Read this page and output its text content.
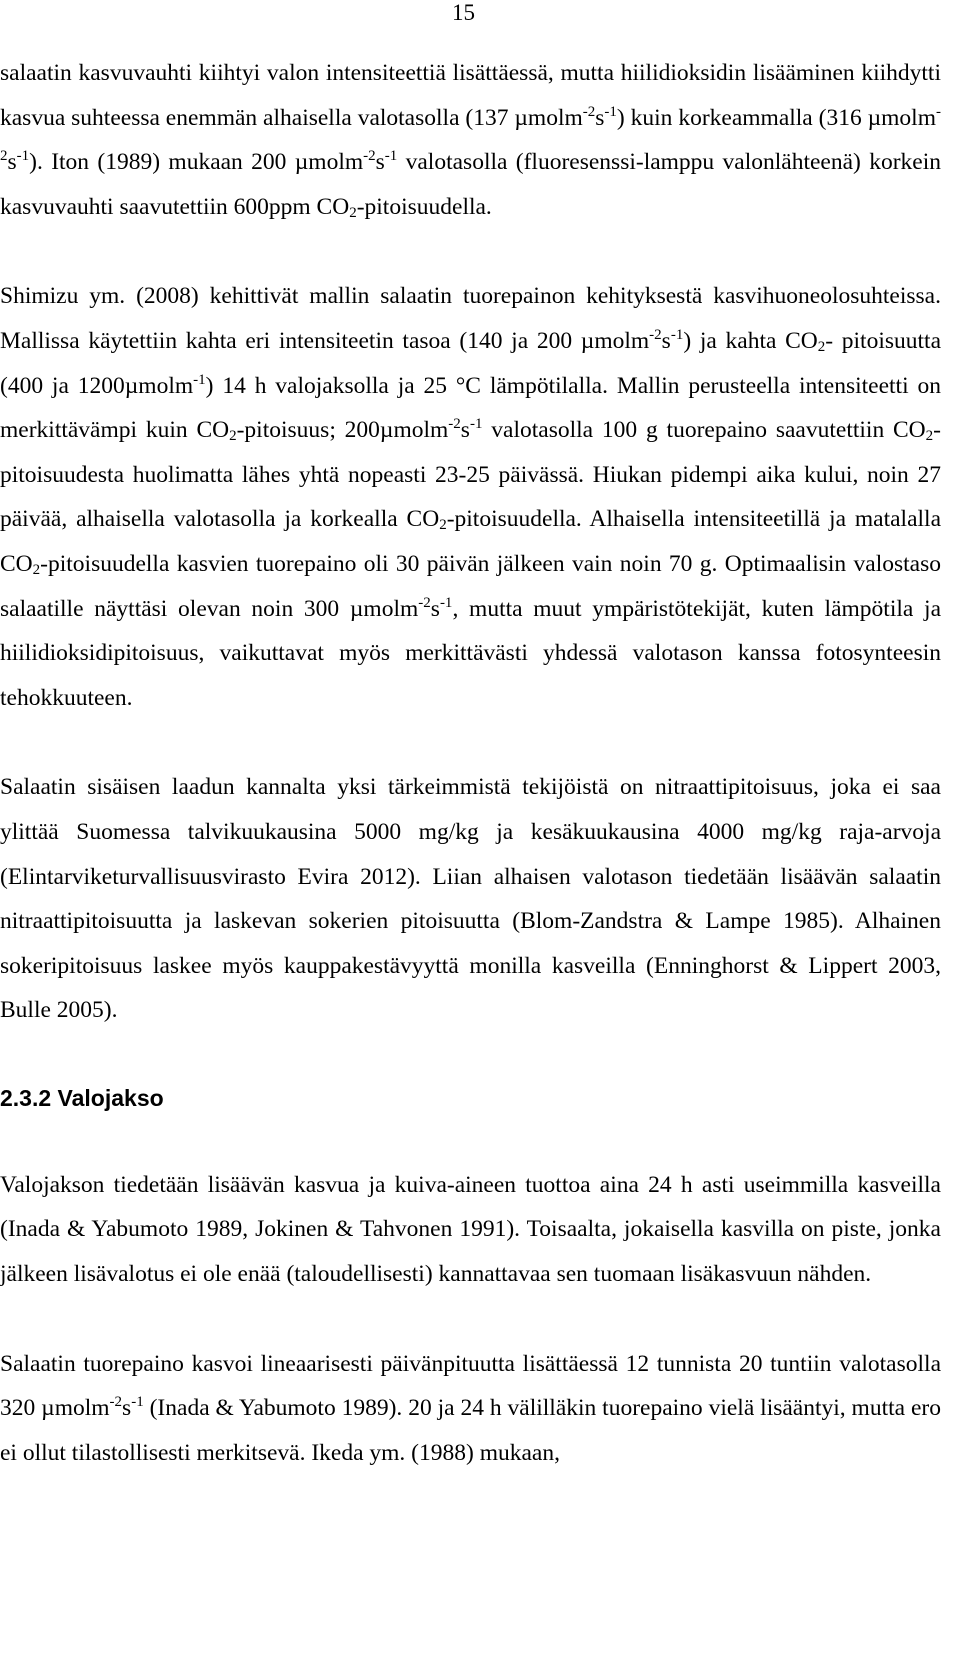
15

salaatin kasvuvauhti kiihtyi valon intensiteettiä lisättäessä, mutta hiilidioksidin lisääminen kiihdytti kasvua suhteessa enemmän alhaisella valotasolla (137 $\mu molm^{-2}s^{-1}$) kuin korkeammalla (316 $\mu molm^{-2}s^{-1}$). Iton (1989) mukaan 200 $\mu molm^{-2}s^{-1}$ valotasolla (fluoresenssi-lamppu valonlähteenä) korkein kasvuvauhti saavutettiin 600ppm $CO_2$-pitoisuudella.

Shimizu ym. (2008) kehittivät mallin salaatin tuorepainon kehityksestä kasvihuoneolosuhteissa. Mallissa käytettiin kahta eri intensiteetin tasoa (140 ja 200 $\mu molm^{-2}s^{-1}$) ja kahta $CO_2-$ pitoisuutta (400 ja 1200µmolm$^{-1}$) 14 h valojaksolla ja 25 °C lämpötilalla. Mallin perusteella intensiteetti on merkittävämpi kuin $CO_2$-pitoisuus; $200\mu molm^{-2}s^{-1}$ valotasolla 100 g tuorepaino saavutettiin $CO_2$-pitoisuudesta huolimatta lähes yhtä nopeasti 23-25 päivässä. Hiukan pidempi aika kului, noin 27 päivää, alhaisella valotasolla ja korkealla $CO_2$-pitoisuudella. Alhaisella intensiteetillä ja matalalla $CO_2$-pitoisuudella kasvien tuorepaino oli 30 päivän jälkeen vain noin 70 g. Optimaalisin valostaso salaatille näyttäsi olevan noin 300 $\mu molm^{-2}s^{-1}$, mutta muut ympäristötekijät, kuten lämpötila ja hiilidioksidipitoisuus, vaikuttavat myös merkittävästi yhdessä valotason kanssa fotosynteesin tehokkuuteen.

Salaatin sisäisen laadun kannalta yksi tärkeimmistä tekijöistä on nitraattipitoisuus, joka ei saa ylittää Suomessa talvikuukausina 5000 mg/kg ja kesäkuukausina 4000 mg/kg raja-arvoja (Elintarviketurvallisuusvirasto Evira 2012). Liian alhaisen valotason tiedetään lisäävän salaatin nitraattipitoisuutta ja laskevan sokerien pitoisuutta (Blom-Zandstra & Lampe 1985). Alhainen sokeripitoisuus laskee myös kauppakestävyyttä monilla kasveilla (Enninghorst & Lippert 2003, Bulle 2005).

2.3.2 Valojakso

Valojakson tiedetään lisäävän kasvua ja kuiva-aineen tuottoa aina 24 h asti useimmilla kasveilla (Inada & Yabumoto 1989, Jokinen & Tahvonen 1991). Toisaalta, jokaisella kasvilla on piste, jonka jälkeen lisävalotus ei ole enää (taloudellisesti) kannattavaa sen tuomaan lisäkasvuun nähden.

Salaatin tuorepaino kasvoi lineaarisesti päivänpituutta lisättäessä 12 tunnista 20 tuntiin valotasolla 320 $\mu molm^{-2}s^{-1}$ (Inada & Yabumoto 1989). 20 ja 24 h välilläkin tuorepaino vielä lisääntyi, mutta ero ei ollut tilastollisesti merkitsevä. Ikeda ym. (1988) mukaan,
